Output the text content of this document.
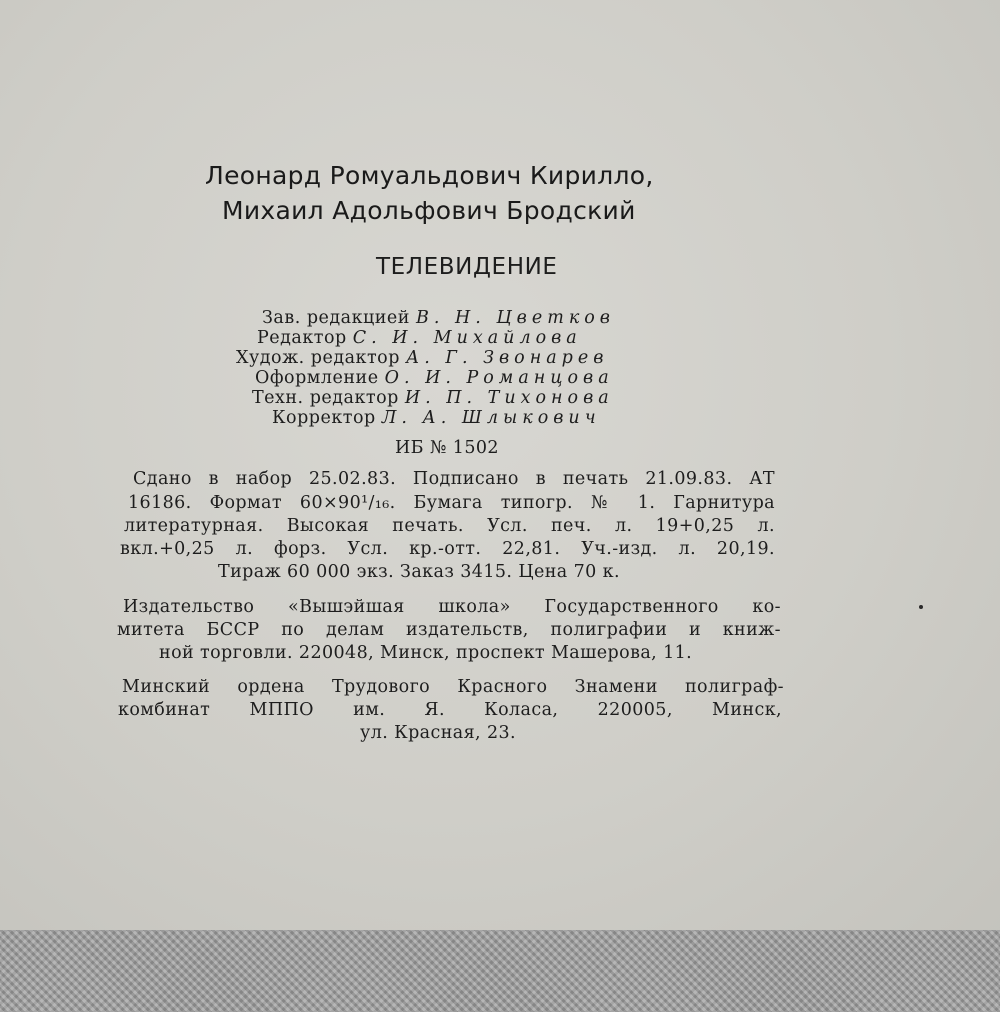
Леонард Ромуальдович Кирилло,

Михаил Адольфович Бродский

ТЕЛЕВИДЕНИЕ

Зав. редакцией В. Н. Цветков

Редактор С. И. Михайлова

Худож. редактор А. Г. Звонарев

Оформление О. И. Романцова

Техн. редактор И. П. Тихонова

Корректор Л. А. Шлыкович

ИБ № 1502

Сдано в набор 25.02.83. Подписано в печать 21.09.83. АТ

16186. Формат 60×90¹/₁₆. Бумага типогр. № 1. Гарнитура

литературная. Высокая печать. Усл. печ. л. 19+0,25 л.

вкл.+0,25 л. форз. Усл. кр.-отт. 22,81. Уч.-изд. л. 20,19.

Тираж 60 000 экз. Заказ 3415. Цена 70 к.

Издательство «Вышэйшая школа» Государственного ко-

митета БССР по делам издательств, полиграфии и книж-

ной торговли. 220048, Минск, проспект Машерова, 11.

Минский ордена Трудового Красного Знамени полиграф-

комбинат МППО им. Я. Коласа, 220005, Минск,

ул. Красная, 23.
